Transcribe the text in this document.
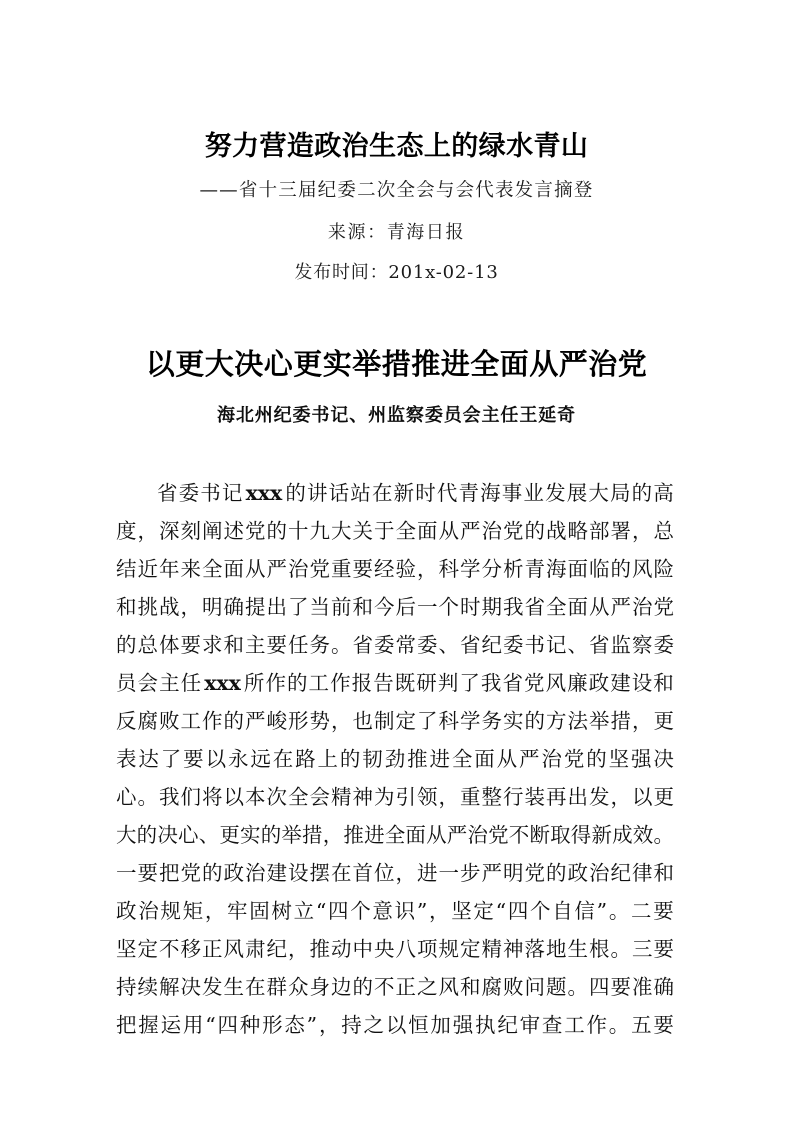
努力营造政治生态上的绿水青山
——省十三届纪委二次全会与会代表发言摘登
来源：青海日报
发布时间：201x-02-13
以更大决心更实举措推进全面从严治党
海北州纪委书记、州监察委员会主任王延奇
省 委 书 记 xxx 的 讲 话 站 在 新 时 代 青 海 事 业 发 展 大 局 的 高
度 ， 深 刻 阐 述 党 的 十 九 大 关 于 全 面 从 严 治 党 的 战 略 部 署 ， 总
结 近 年 来 全 面 从 严 治 党 重 要 经 验 ， 科 学 分 析 青 海 面 临 的 风 险
和 挑 战 ， 明 确 提 出 了 当 前 和 今 后 一 个 时 期 我 省 全 面 从 严 治 党
的 总 体 要 求 和 主 要 任 务 。 省 委 常 委 、 省 纪 委 书 记 、 省 监 察 委
员 会 主 任 xxx 所 作 的 工 作 报 告 既 研 判 了 我 省 党 风 廉 政 建 设 和
反 腐 败 工 作 的 严 峻 形 势 ， 也 制 定 了 科 学 务 实 的 方 法 举 措 ， 更
表 达 了 要 以 永 远 在 路 上 的 韧 劲 推 进 全 面 从 严 治 党 的 坚 强 决
心 。 我 们 将 以 本 次 全 会 精 神 为 引 领 ， 重 整 行 装 再 出 发 ， 以 更
大 的 决 心 、 更 实 的 举 措 ， 推 进 全 面 从 严 治 党 不 断 取 得 新 成 效 。
一 要 把 党 的 政 治 建 设 摆 在 首 位 ， 进 一 步 严 明 党 的 政 治 纪 律 和
政 治 规 矩 ， 牢 固 树 立 “ 四 个 意 识 ” ， 坚 定 “ 四 个 自 信 ” 。 二 要
坚 定 不 移 正 风 肃 纪 ， 推 动 中 央 八 项 规 定 精 神 落 地 生 根 。 三 要
持 续 解 决 发 生 在 群 众 身 边 的 不 正 之 风 和 腐 败 问 题 。 四 要 准 确
把 握 运 用 “ 四 种 形 态 ” ， 持 之 以 恒 加 强 执 纪 审 查 工 作 。 五 要
